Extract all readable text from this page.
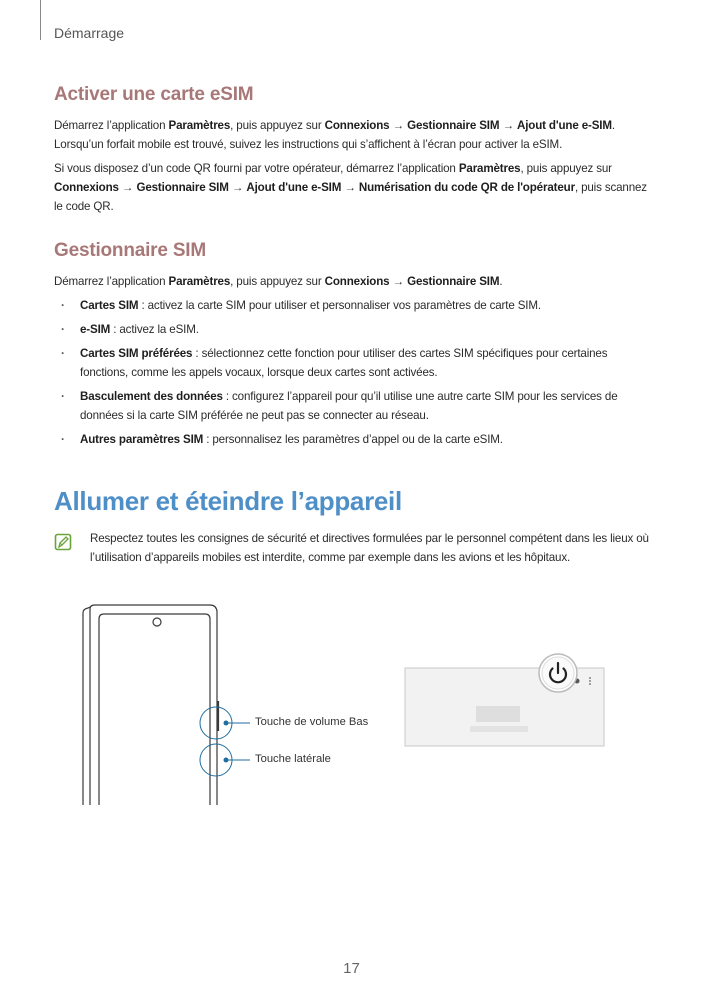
Démarrage
Activer une carte eSIM
Démarrez l’application Paramètres, puis appuyez sur Connexions → Gestionnaire SIM → Ajout d'une e-SIM. Lorsqu’un forfait mobile est trouvé, suivez les instructions qui s’affichent à l’écran pour activer la eSIM.
Si vous disposez d’un code QR fourni par votre opérateur, démarrez l’application Paramètres, puis appuyez sur Connexions → Gestionnaire SIM → Ajout d'une e-SIM → Numérisation du code QR de l'opérateur, puis scannez le code QR.
Gestionnaire SIM
Démarrez l’application Paramètres, puis appuyez sur Connexions → Gestionnaire SIM.
· Cartes SIM : activez la carte SIM pour utiliser et personnaliser vos paramètres de carte SIM.
· e-SIM : activez la eSIM.
· Cartes SIM préférées : sélectionnez cette fonction pour utiliser des cartes SIM spécifiques pour certaines fonctions, comme les appels vocaux, lorsque deux cartes sont activées.
· Basculement des données : configurez l’appareil pour qu’il utilise une autre carte SIM pour les services de données si la carte SIM préférée ne peut pas se connecter au réseau.
· Autres paramètres SIM : personnalisez les paramètres d’appel ou de la carte eSIM.
Allumer et éteindre l’appareil
Respectez toutes les consignes de sécurité et directives formulées par le personnel compétent dans les lieux où l’utilisation d’appareils mobiles est interdite, comme par exemple dans les avions et les hôpitaux.
Touche de volume Bas
Touche latérale
17
